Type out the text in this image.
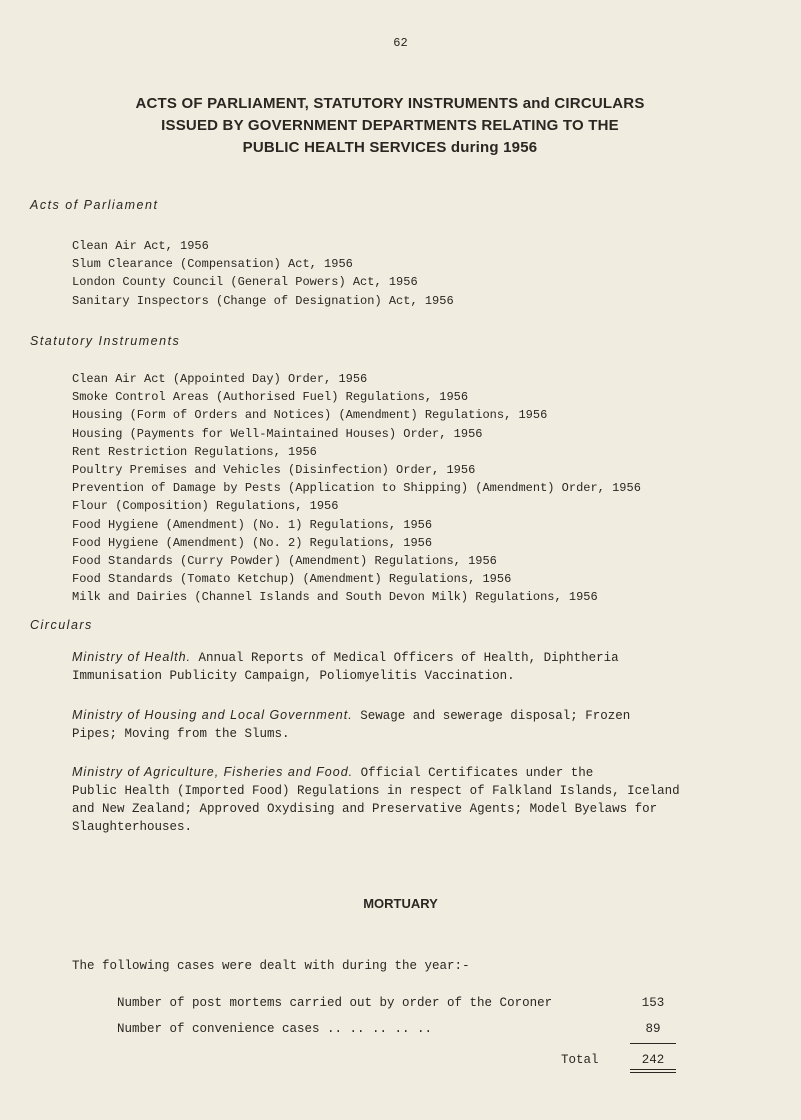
62
ACTS OF PARLIAMENT, STATUTORY INSTRUMENTS and CIRCULARS
ISSUED BY GOVERNMENT DEPARTMENTS RELATING TO THE
PUBLIC HEALTH SERVICES during 1956
Acts of Parliament
Clean Air Act, 1956
Slum Clearance (Compensation) Act, 1956
London County Council (General Powers) Act, 1956
Sanitary Inspectors (Change of Designation) Act, 1956
Statutory Instruments
Clean Air Act (Appointed Day) Order, 1956
Smoke Control Areas (Authorised Fuel) Regulations, 1956
Housing (Form of Orders and Notices) (Amendment) Regulations, 1956
Housing (Payments for Well-Maintained Houses) Order, 1956
Rent Restriction Regulations, 1956
Poultry Premises and Vehicles (Disinfection) Order, 1956
Prevention of Damage by Pests (Application to Shipping) (Amendment) Order, 1956
Flour (Composition) Regulations, 1956
Food Hygiene (Amendment) (No. 1) Regulations, 1956
Food Hygiene (Amendment) (No. 2) Regulations, 1956
Food Standards (Curry Powder) (Amendment) Regulations, 1956
Food Standards (Tomato Ketchup) (Amendment) Regulations, 1956
Milk and Dairies (Channel Islands and South Devon Milk) Regulations, 1956
Circulars
Ministry of Health. Annual Reports of Medical Officers of Health, Diphtheria
Immunisation Publicity Campaign, Poliomyelitis Vaccination.
Ministry of Housing and Local Government. Sewage and sewerage disposal; Frozen
Pipes; Moving from the Slums.
Ministry of Agriculture, Fisheries and Food. Official Certificates under the
Public Health (Imported Food) Regulations in respect of Falkland Islands, Iceland
and New Zealand; Approved Oxydising and Preservative Agents; Model Byelaws for
Slaughterhouses.
MORTUARY
The following cases were dealt with during the year:-
Number of post mortems carried out by order of the Coroner	153
Number of convenience cases .. .. .. .. ..	89
Total	242
